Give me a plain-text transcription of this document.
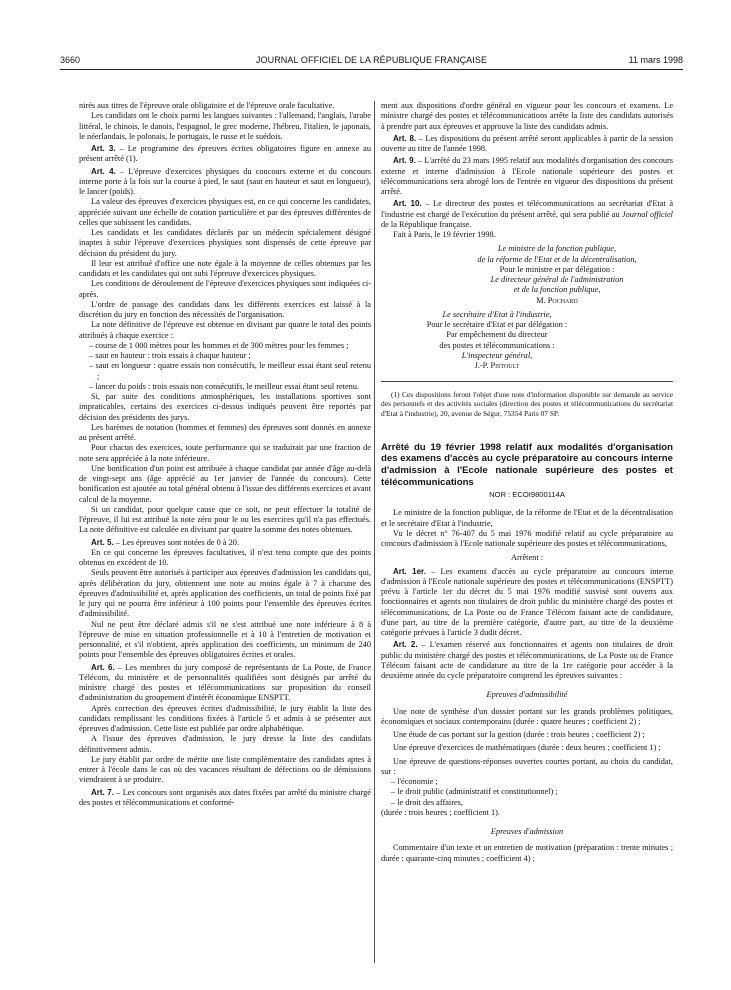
3660	JOURNAL OFFICIEL DE LA RÉPUBLIQUE FRANÇAISE	11 mars 1998

nirés aux titres de l'épreuve orale obligatoire et de l'épreuve orale facultative.

Les candidats ont le choix parmi les langues suivantes : l'allemand, l'anglais, l'arabe littéral, le chinois, le danois, l'espagnol, le grec moderne, l'hébreu, l'italien, le japonais, le néerlandais, le polonais, le portugais, le russe et le suédois.

Art. 3. – Le programme des épreuves écrites obligatoires figure en annexe au présent arrêté (1).

Art. 4. – L'épreuve d'exercices physiques du concours externe et du concours interne porte à la fois sur la course à pied, le saut (saut en hauteur et saut en longueur), le lancer (poids).

La valeur des épreuves d'exercices physiques est, en ce qui concerne les candidates, appréciée suivant une échelle de cotation particulière et par des épreuves différentes de celles que subissent les candidats.

Les candidats et les candidates déclarés par un médecin spécialement désigné inaptes à subir l'épreuve d'exercices physiques sont dispensés de cette épreuve par décision du président du jury.

Il leur est attribué d'office une note égale à la moyenne de celles obtenues par les candidats et les candidates qui ont subi l'épreuve d'exercices physiques.

Les conditions de déroulement de l'épreuve d'exercices physiques sont indiquées ci-après.

L'ordre de passage des candidats dans les différents exercices est laissé à la discrétion du jury en fonction des nécessités de l'organisation.

La note définitive de l'épreuve est obtenue en divisant par quatre le total des points attribués à chaque exercice :

– course de 1 000 mètres pour les hommes et de 300 mètres pour les femmes ;

– saut en hauteur : trois essais à chaque hauteur ;

– saut en longueur : quatre essais non consécutifs, le meilleur essai étant seul retenu ;

– lancer du poids : trois essais non consécutifs, le meilleur essai étant seul retenu.

Si, par suite des conditions atmosphériques, les installations sportives sont impraticables, certains des exercices ci-dessus indiqués peuvent être reportés par décision des présidents des jurys.

Les barèmes de notation (hommes et femmes) des épreuves sont donnés en annexe au présent arrêté.

Pour chacun des exercices, toute performance qui se traduirait par une fraction de note sera appréciée à la note inférieure.

Une bonification d'un point est attribuée à chaque candidat par année d'âge au-delà de vingt-sept ans (âge apprécié au 1er janvier de l'année du concours). Cette bonification est ajoutée au total général obtenu à l'issue des différents exercices et avant calcul de la moyenne.

Si un candidat, pour quelque cause que ce soit, ne peut effectuer la totalité de l'épreuve, il lui est attribué la note zéro pour le ou les exercices qu'il n'a pas effectués. La note définitive est calculée en divisant par quatre la somme des notes obtenues.

Art. 5. – Les épreuves sont notées de 0 à 20.

En ce qui concerne les épreuves facultatives, il n'est tenu compte que des points obtenus en excédent de 10.

Seuls peuvent être autorisés à participer aux épreuves d'admission les candidats qui, après délibération du jury, obtiennent une note au moins égale à 7 à chacune des épreuves d'admissibilité et, après application des coefficients, un total de points fixé par le jury qui ne pourra être inférieur à 100 points pour l'ensemble des épreuves écrites d'admissibilité.

Nul ne peut être déclaré admis s'il ne s'est attribué une note inférieure à 8 à l'épreuve de mise en situation professionnelle et à 10 à l'entretien de motivation et personnalité, et s'il n'obtient, après application des coefficients, un minimum de 240 points pour l'ensemble des épreuves obligatoires écrites et orales.

Art. 6. – Les membres du jury composé de représentants de La Poste, de France Télécom, du ministère et de personnalités qualifiées sont désignés par arrêté du ministre chargé des postes et télécommunications sur proposition du conseil d'administration du groupement d'intérêt économique ENSPTT.

Après correction des épreuves écrites d'admissibilité, le jury établit la liste des candidats remplissant les conditions fixées à l'article 5 et admis à se présenter aux épreuves d'admission. Cette liste est publiée par ordre alphabétique.

A l'issue des épreuves d'admission, le jury dresse la liste des candidats définitivement admis.

Le jury établit par ordre de mérite une liste complémentaire des candidats aptes à entrer à l'école dans le cas où des vacances résultant de défections ou de démissions viendraient à se produire.

Art. 7. – Les concours sont organisés aux dates fixées par arrêté du ministre chargé des postes et télécommunications et conformé-

ment aux dispositions d'ordre général en vigueur pour les concours et examens. Le ministre chargé des postes et télécommunications arrête la liste des candidats autorisés à prendre part aux épreuves et approuve la liste des candidats admis.

Art. 8. – Les dispositions du présent arrêté seront applicables à partir de la session ouverte au titre de l'année 1998.

Art. 9. – L'arrêté du 23 mars 1995 relatif aux modalités d'organisation des concours externe et interne d'admission à l'Ecole nationale supérieure des postes et télécommunications sera abrogé lors de l'entrée en vigueur des dispositions du présent arrêté.

Art. 10. – Le directeur des postes et télécommunications au secrétariat d'Etat à l'industrie est chargé de l'exécution du présent arrêté, qui sera publié au Journal officiel de la République française.

Fait à Paris, le 19 février 1998.

Le ministre de la fonction publique,

de la réforme de l'Etat et de la décentralisation,

Pour le ministre et par délégation :

Le directeur général de l'administration

et de la fonction publique,

M. Pochard

Le secrétaire d'Etat à l'industrie,

Pour le secrétaire d'Etat et par délégation :

Par empêchement du directeur

des postes et télécommunications :

L'inspecteur général,

J.-P. Pistoult

(1) Ces dispositions feront l'objet d'une note d'information disponible sur demande au service des personnels et des activités sociales (direction des postes et télécommunications du secrétariat d'Etat à l'industrie), 20, avenue de Ségur, 75354 Paris 07 SP.

Arrêté du 19 février 1998 relatif aux modalités d'organisation des examens d'accès au cycle préparatoire au concours interne d'admission à l'Ecole nationale supérieure des postes et télécommunications

NOR : ECOI9800114A

Le ministre de la fonction publique, de la réforme de l'Etat et de la décentralisation et le secrétaire d'Etat à l'industrie,

Vu le décret n° 76-407 du 5 mai 1976 modifié relatif au cycle préparatoire au concours d'admission à l'Ecole nationale supérieure des postes et télécommunications,

Arrêtent :

Art. 1er. – Les examens d'accès au cycle préparatoire au concours interne d'admission à l'Ecole nationale supérieure des postes et télécommunications (ENSPTT) prévu à l'article 1er du décret du 5 mai 1976 modifié susvisé sont ouverts aux fonctionnaires et agents non titulaires de droit public du ministère chargé des postes et télécommunications, de La Poste ou de France Télécom faisant acte de candidature, d'une part, au titre de la première catégorie, d'autre part, au titre de la deuxième catégorie prévues à l'article 3 dudit décret.

Art. 2. – L'examen réservé aux fonctionnaires et agents non titulaires de droit public du ministère chargé des postes et télécommunications, de La Poste ou de France Télécom faisant acte de candidature au titre de la 1re catégorie pour accéder à la deuxième année du cycle préparatoire comprend les épreuves suivantes :

Epreuves d'admissibilité

Une note de synthèse d'un dossier portant sur les grands problèmes politiques, économiques et sociaux contemporains (durée : quatre heures ; coefficient 2) ;

Une étude de cas portant sur la gestion (durée : trois heures ; coefficient 2) ;

Une épreuve d'exercices de mathématiques (durée : deux heures ; coefficient 1) ;

Une épreuve de questions-réponses ouvertes courtes portant, au choix du candidat, sur :

– l'économie ;

– le droit public (administratif et constitutionnel) ;

– le droit des affaires,

(durée : trois heures ; coefficient 1).

Epreuves d'admission

Commentaire d'un texte et un entretien de motivation (préparation : trente minutes ; durée : quarante-cinq minutes ; coefficient 4) ;
